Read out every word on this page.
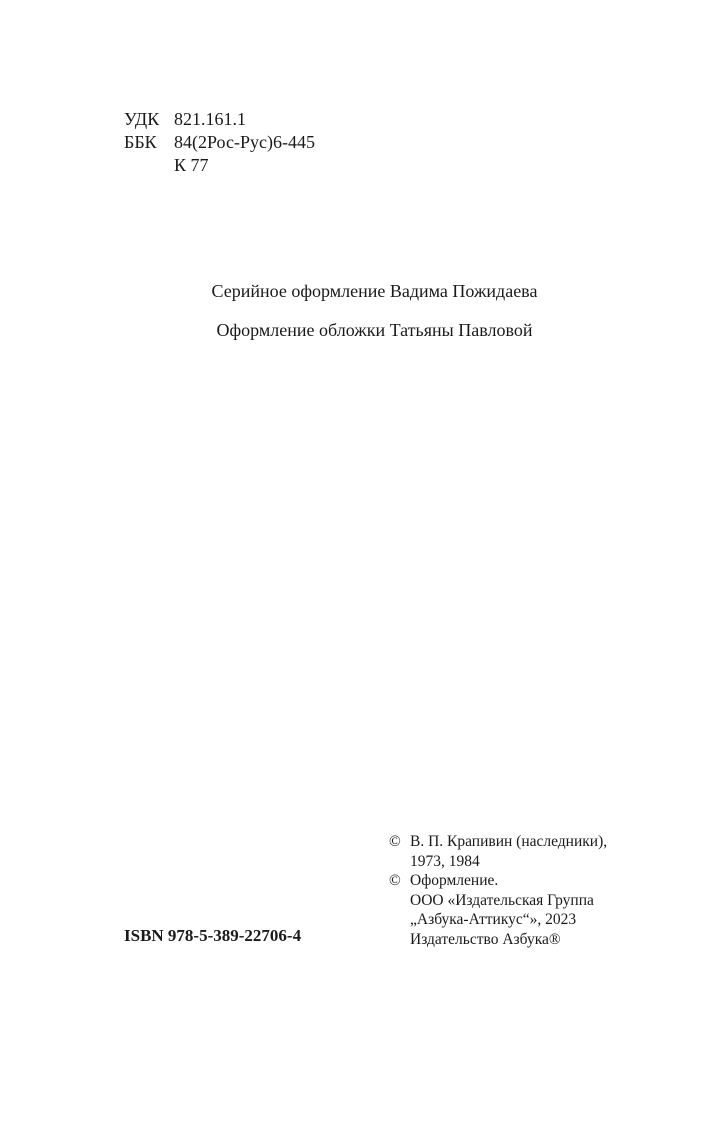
УДК 821.161.1
ББК 84(2Рос-Рус)6-445
К 77
Серийное оформление Вадима Пожидаева
Оформление обложки Татьяны Павловой
© В. П. Крапивин (наследники),
1973, 1984
© Оформление.
ООО «Издательская Группа
„Азбука-Аттикус“», 2023
Издательство Азбука®
ISBN 978-5-389-22706-4
